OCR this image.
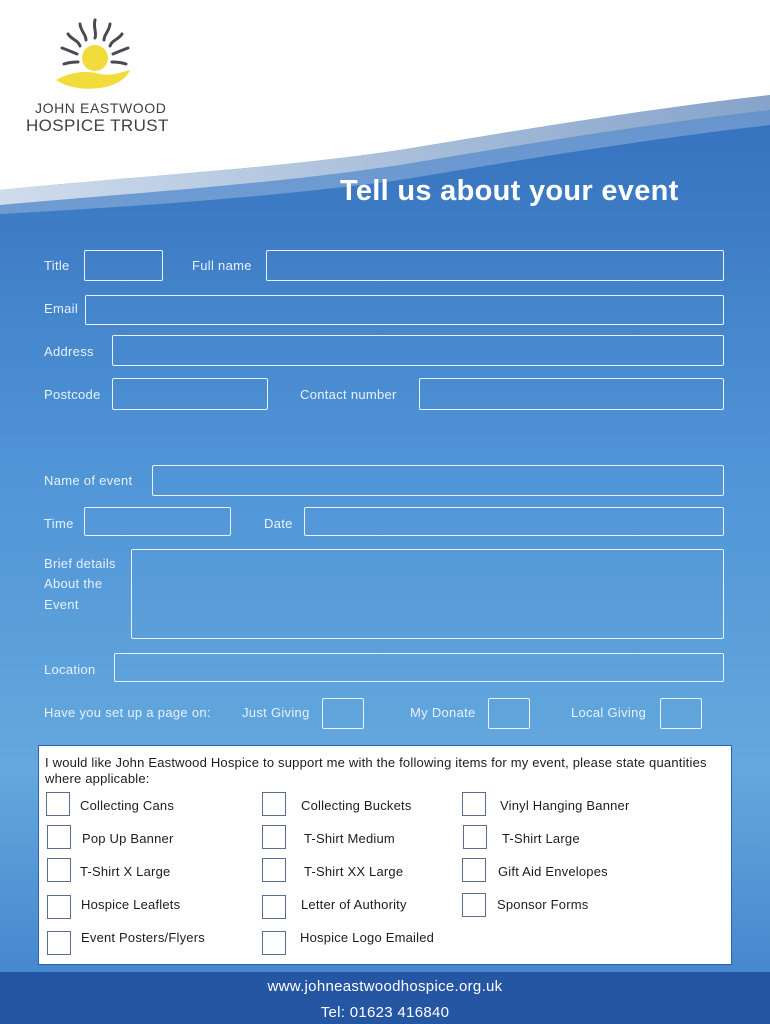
JOHN EASTWOOD
HOSPICE TRUST
Tell us about your event
Title	Full name
Email
Address
Postcode	Contact number
Name of event
Time	Date
Brief details
About the
Event
Location
Have you set up a page on: Just Giving	My Donate	Local Giving
I would like John Eastwood Hospice to support me with the following items for my event, please state quantities where applicable:
Collecting Cans	Collecting Buckets	Vinyl Hanging Banner
Pop Up Banner	T-Shirt Medium	T-Shirt Large
T-Shirt X Large	T-Shirt XX Large	Gift Aid Envelopes
Hospice Leaflets	Letter of Authority	Sponsor Forms
Event Posters/Flyers	Hospice Logo Emailed
www.johneastwoodhospice.org.uk
Tel: 01623 416840
